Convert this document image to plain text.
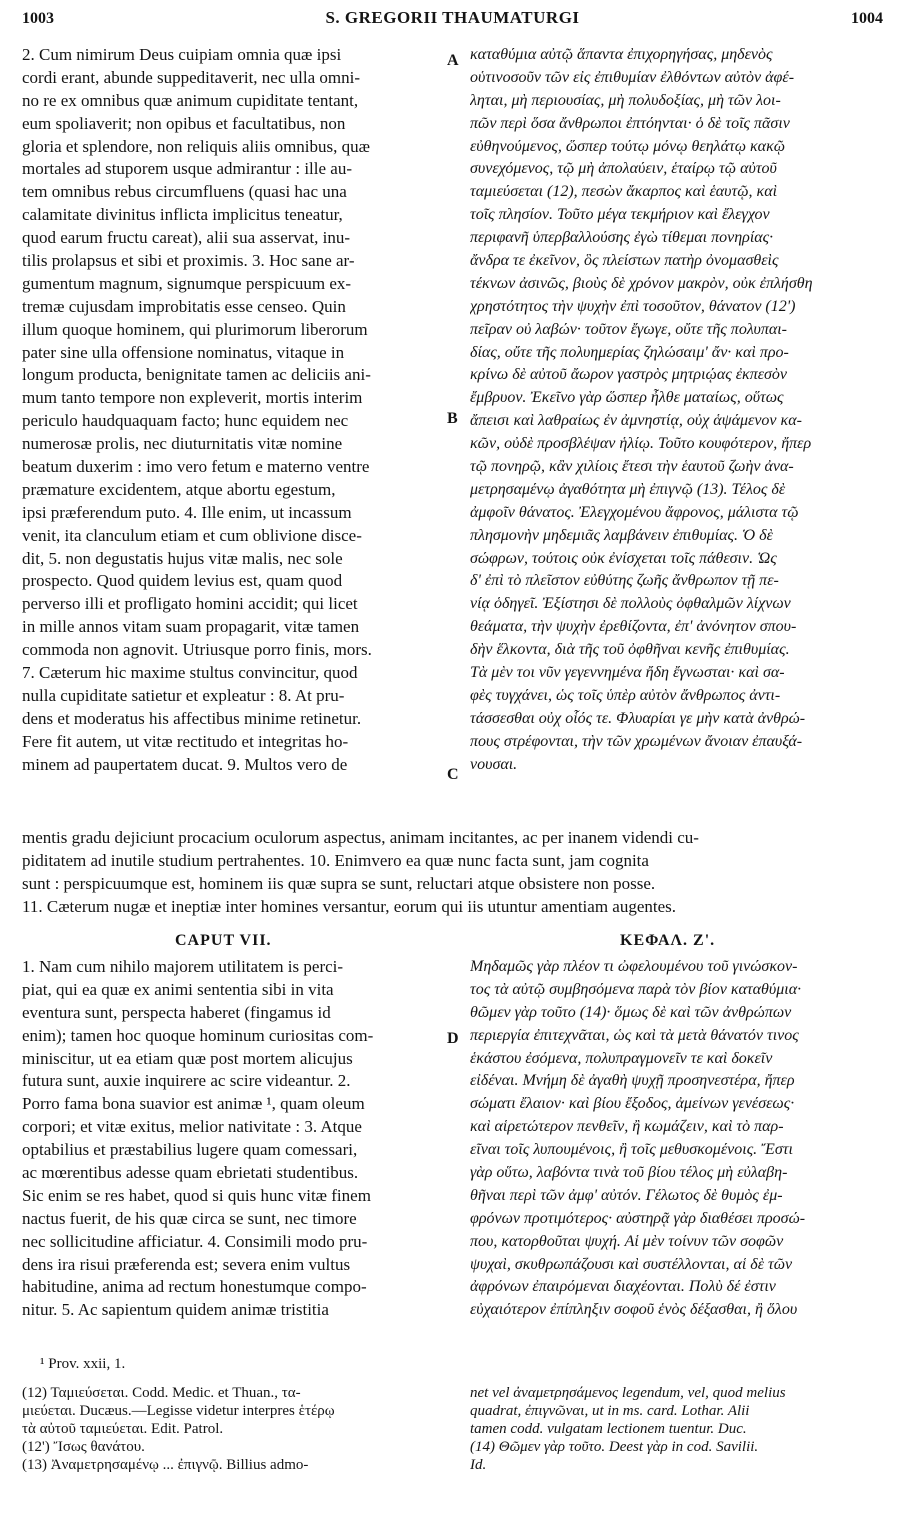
1003	S. GREGORII THAUMATURGI	1004
2. Cum nimirum Deus cuipiam omnia quæ ipsi
cordi erant, abunde suppeditaverit, nec ulla omni-
no re ex omnibus quæ animum cupiditate tentant,
eum spoliaverit; non opibus et facultatibus, non
gloria et splendore, non reliquis aliis omnibus, quæ
mortales ad stuporem usque admirantur : ille au-
tem omnibus rebus circumfluens (quasi hac una
calamitate divinitus inflicta implicitus teneatur,
quod earum fructu careat), alii sua asservat, inu-
tilis prolapsus et sibi et proximis. 3. Hoc sane ar-
gumentum magnum, signumque perspicuum ex-
tremæ cujusdam improbitatis esse censeo. Quin
illum quoque hominem, qui plurimorum liberorum
pater sine ulla offensione nominatus, vitaque in
longum producta, benignitate tamen ac deliciis ani-
mum tanto tempore non expleverit, mortis interim
periculo haudquaquam facto; hunc equidem nec
numerosæ prolis, nec diuturnitatis vitæ nomine
beatum duxerim : imo vero fetum e materno ventre
præmature excidentem, atque abortu egestum,
ipsi præferendum puto. 4. Ille enim, ut incassum
venit, ita clanculum etiam et cum oblivione disce-
dit, 5. non degustatis hujus vitæ malis, nec sole
prospecto. Quod quidem levius est, quam quod
perverso illi et profligato homini accidit; qui licet
in mille annos vitam suam propagarit, vitæ tamen
commoda non agnovit. Utriusque porro finis, mors.
7. Cæterum hic maxime stultus convincitur, quod
nulla cupiditate satietur et expleatur : 8. At pru-
dens et moderatus his affectibus minime retinetur.
Fere fit autem, ut vitæ rectitudo et integritas ho-
minem ad paupertatem ducat. 9. Multos vero de
καταθύμια αὐτῷ ἅπαντα ἐπιχορηγήσας, μηδενὸς
οὑτινοσοῦν τῶν εἰς ἐπιθυμίαν ἐλθόντων αὐτὸν ἀφέ-
ληται, μὴ περιουσίας, μὴ πολυδοξίας, μὴ τῶν λοι-
πῶν περὶ ὅσα ἄνθρωποι ἐπτόηνται· ὁ δὲ τοῖς πᾶσιν
εὐθηνούμενος, ὥσπερ τούτῳ μόνῳ θεηλάτῳ κακῷ
συνεχόμενος, τῷ μὴ ἀπολαύειν, ἑταίρῳ τῷ αὐτοῦ
ταμιεύσεται (12), πεσὼν ἄκαρπος καὶ ἑαυτῷ, καὶ
τοῖς πλησίον. Τοῦτο μέγα τεκμήριον καὶ ἔλεγχον
περιφανῆ ὑπερβαλλούσης ἐγὼ τίθεμαι πονηρίας·
ἄνδρα τε ἐκεῖνον, ὃς πλείστων πατὴρ ὀνομασθεὶς
τέκνων ἀσινῶς, βιοὺς δὲ χρόνον μακρὸν, οὐκ ἐπλήσθη
χρηστότητος τὴν ψυχὴν ἐπὶ τοσοῦτον, θάνατον (12')
πεῖραν οὐ λαβών· τοῦτον ἔγωγε, οὔτε τῆς πολυπαι-
δίας, οὔτε τῆς πολυημερίας ζηλώσαιμ' ἄν· καὶ προ-
κρίνω δὲ αὐτοῦ ἄωρον γαστρὸς μητριῴας ἐκπεσὸν
ἔμβρυον. Ἐκεῖνο γὰρ ὥσπερ ἦλθε ματαίως, οὕτως
ἄπεισι καὶ λαθραίως ἐν ἀμνηστίᾳ, οὐχ ἁψάμενον κα-
κῶν, οὐδὲ προσβλέψαν ἡλίῳ. Τοῦτο κουφότερον, ἤπερ
τῷ πονηρῷ, κἂν χιλίοις ἔτεσι τὴν ἑαυτοῦ ζωὴν ἀνα-
μετρησαμένῳ ἀγαθότητα μὴ ἐπιγνῷ (13). Τέλος δὲ
ἀμφοῖν θάνατος. Ἐλεγχομένου ἄφρονος, μάλιστα τῷ
πλησμονὴν μηδεμιᾶς λαμβάνειν ἐπιθυμίας. Ὁ δὲ
σώφρων, τούτοις οὐκ ἐνίσχεται τοῖς πάθεσιν. Ὡς
δ' ἐπὶ τὸ πλεῖστον εὐθύτης ζωῆς ἄνθρωπον τῇ πε-
νίᾳ ὁδηγεῖ. Ἐξίστησι δὲ πολλοὺς ὀφθαλμῶν λίχνων
θεάματα, τὴν ψυχὴν ἐρεθίζοντα, ἐπ' ἀνόνητον σπου-
δὴν ἕλκοντα, διὰ τῆς τοῦ ὀφθῆναι κενῆς ἐπιθυμίας.
Τὰ μὲν τοι νῦν γεγεννημένα ἤδη ἔγνωσται· καὶ σα-
φὲς τυγχάνει, ὡς τοῖς ὑπὲρ αὐτὸν ἄνθρωπος ἀντι-
τάσσεσθαι οὐχ οἷός τε. Φλυαρίαι γε μὴν κατὰ ἀνθρώ-
πους στρέφονται, τὴν τῶν χρωμένων ἄνοιαν ἐπαυξά-
νουσαι.
A
B
C
D
mentis gradu dejiciunt procacium oculorum aspectus, animam incitantes, ac per inanem videndi cu-
piditatem ad inutile studium pertrahentes. 10. Enimvero ea quæ nunc facta sunt, jam cognita
sunt : perspicuumque est, hominem iis quæ supra se sunt, reluctari atque obsistere non posse.
11. Cæterum nugæ et ineptiæ inter homines versantur, eorum qui iis utuntur amentiam augentes.
CAPUT VII.	ΚΕΦΑΛ. Ζ'.
1. Nam cum nihilo majorem utilitatem is perci-
piat, qui ea quæ ex animi sententia sibi in vita
eventura sunt, perspecta haberet (fingamus id
enim); tamen hoc quoque hominum curiositas com-
miniscitur, ut ea etiam quæ post mortem alicujus
futura sunt, auxie inquirere ac scire videantur. 2.
Porro fama bona suavior est animæ ¹, quam oleum
corpori; et vitæ exitus, melior nativitate : 3. Atque
optabilius et præstabilius lugere quam comessari,
ac mœrentibus adesse quam ebrietati studentibus.
Sic enim se res habet, quod si quis hunc vitæ finem
nactus fuerit, de his quæ circa se sunt, nec timore
nec sollicitudine afficiatur. 4. Consimili modo pru-
dens ira risui præferenda est; severa enim vultus
habitudine, anima ad rectum honestumque compo-
nitur. 5. Ac sapientum quidem animæ tristitia
Μηδαμῶς γὰρ πλέον τι ὠφελουμένου τοῦ γινώσκον-
τος τὰ αὐτῷ συμβησόμενα παρὰ τὸν βίον καταθύμια·
θῶμεν γὰρ τοῦτο (14)· ὅμως δὲ καὶ τῶν ἀνθρώπων
περιεργία ἐπιτεχνᾶται, ὡς καὶ τὰ μετὰ θάνατόν τινος
ἑκάστου ἐσόμενα, πολυπραγμονεῖν τε καὶ δοκεῖν
εἰδέναι. Μνήμη δὲ ἀγαθὴ ψυχῇ προσηνεστέρα, ἤπερ
σώματι ἔλαιον· καὶ βίου ἔξοδος, ἀμείνων γενέσεως·
καὶ αἱρετώτερον πενθεῖν, ἢ κωμάζειν, καὶ τὸ παρ-
εῖναι τοῖς λυπουμένοις, ἢ τοῖς μεθυσκομένοις. Ἔστι
γὰρ οὕτω, λαβόντα τινὰ τοῦ βίου τέλος μὴ εὐλαβη-
θῆναι περὶ τῶν ἀμφ' αὐτόν. Γέλωτος δὲ θυμὸς ἐμ-
φρόνων προτιμότερος· αὐστηρᾷ γὰρ διαθέσει προσώ-
που, κατορθοῦται ψυχή. Αἱ μὲν τοίνυν τῶν σοφῶν
ψυχαὶ, σκυθρωπάζουσι καὶ συστέλλονται, αἱ δὲ τῶν
ἀφρόνων ἐπαιρόμεναι διαχέονται. Πολὺ δέ ἐστιν
εὐχαιότερον ἐπίπληξιν σοφοῦ ἑνὸς δέξασθαι, ἢ ὅλου
¹ Prov. xxii, 1.
(12) Ταμιεύσεται. Codd. Medic. et Thuan., τα-
μιεύεται. Ducæus.—Legisse videtur interpres ἑτέρῳ
τὰ αὐτοῦ ταμιεύεται. Edit. Patrol.
(12') Ἴσως θανάτου.
(13) Ἀναμετρησαμένῳ ... ἐπιγνῷ. Billius admo-
net vel ἀναμετρησάμενος legendum, vel, quod melius
quadrat, ἐπιγνῶναι, ut in ms. card. Lothar. Alii
tamen codd. vulgatam lectionem tuentur. Duc.
(14) Θῶμεν γὰρ τοῦτο. Deest γὰρ in cod. Savilii.
Id.
